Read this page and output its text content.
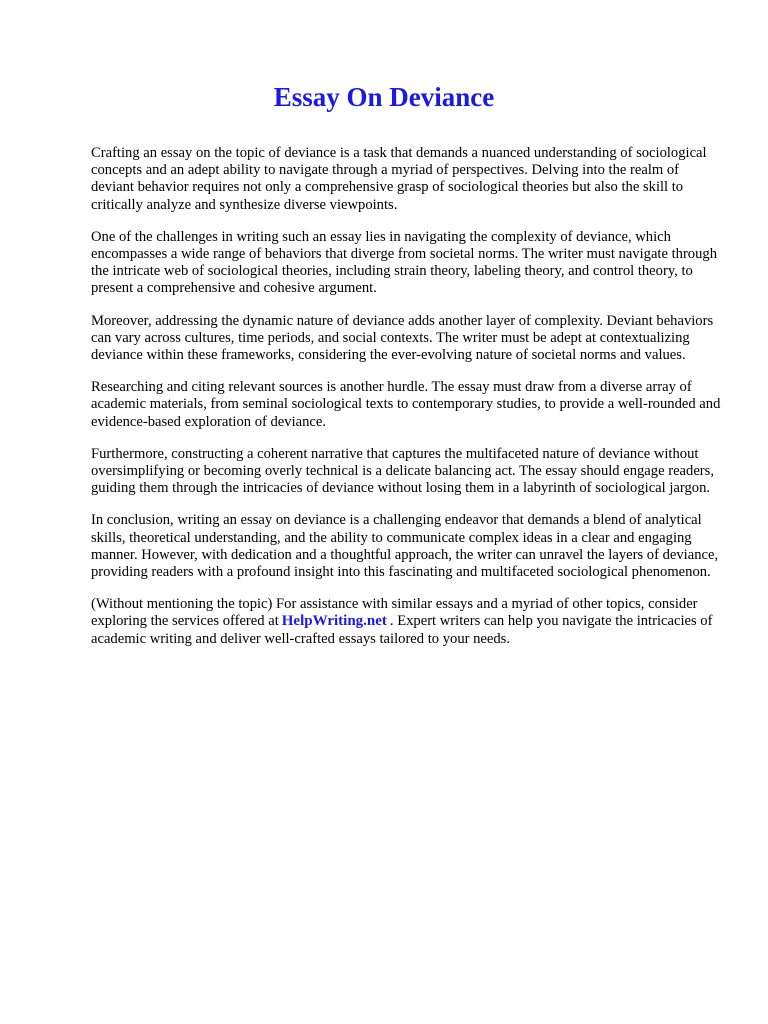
Essay On Deviance

Crafting an essay on the topic of deviance is a task that demands a nuanced understanding of sociological concepts and an adept ability to navigate through a myriad of perspectives. Delving into the realm of deviant behavior requires not only a comprehensive grasp of sociological theories but also the skill to critically analyze and synthesize diverse viewpoints.

One of the challenges in writing such an essay lies in navigating the complexity of deviance, which encompasses a wide range of behaviors that diverge from societal norms. The writer must navigate through the intricate web of sociological theories, including strain theory, labeling theory, and control theory, to present a comprehensive and cohesive argument.

Moreover, addressing the dynamic nature of deviance adds another layer of complexity. Deviant behaviors can vary across cultures, time periods, and social contexts. The writer must be adept at contextualizing deviance within these frameworks, considering the ever-evolving nature of societal norms and values.

Researching and citing relevant sources is another hurdle. The essay must draw from a diverse array of academic materials, from seminal sociological texts to contemporary studies, to provide a well-rounded and evidence-based exploration of deviance.

Furthermore, constructing a coherent narrative that captures the multifaceted nature of deviance without oversimplifying or becoming overly technical is a delicate balancing act. The essay should engage readers, guiding them through the intricacies of deviance without losing them in a labyrinth of sociological jargon.

In conclusion, writing an essay on deviance is a challenging endeavor that demands a blend of analytical skills, theoretical understanding, and the ability to communicate complex ideas in a clear and engaging manner. However, with dedication and a thoughtful approach, the writer can unravel the layers of deviance, providing readers with a profound insight into this fascinating and multifaceted sociological phenomenon.

(Without mentioning the topic) For assistance with similar essays and a myriad of other topics, consider exploring the services offered at HelpWriting.net . Expert writers can help you navigate the intricacies of academic writing and deliver well-crafted essays tailored to your needs.
